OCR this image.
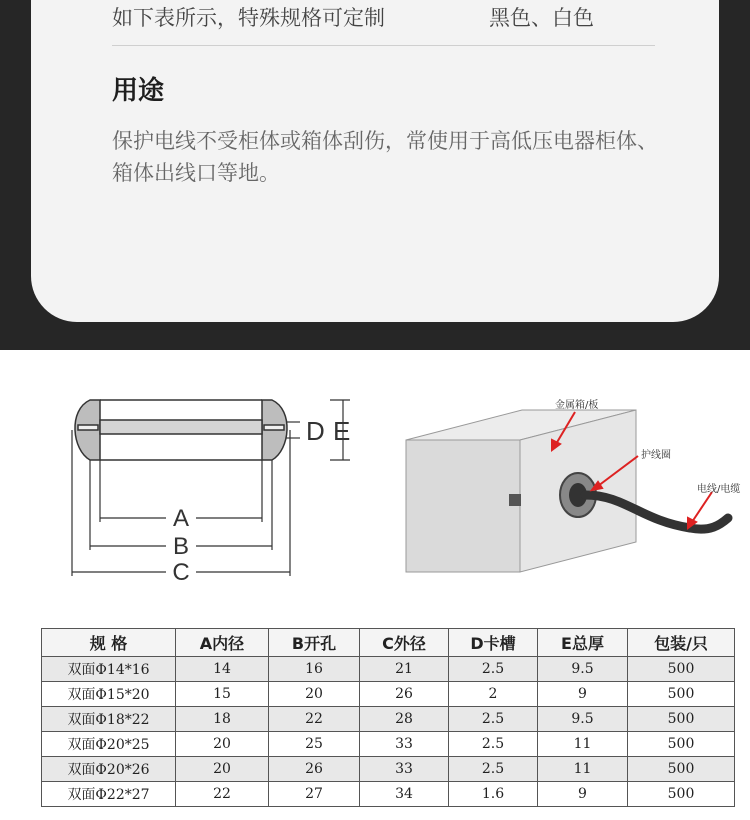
如下表所示，特殊规格可定制	黑色、白色
用途
保护电线不受柜体或箱体刮伤，常使用于高低压电器柜体、箱体出线口等地。
A
B
C
D E
金属箱/板
护线圈
电线/电缆
规 格	A内径	B开孔	C外径	D卡槽	E总厚	包装/只
双面Φ14*16	14	16	21	2.5	9.5	500
双面Φ15*20	15	20	26	2	9	500
双面Φ18*22	18	22	28	2.5	9.5	500
双面Φ20*25	20	25	33	2.5	11	500
双面Φ20*26	20	26	33	2.5	11	500
双面Φ22*27	22	27	34	1.6	9	500
